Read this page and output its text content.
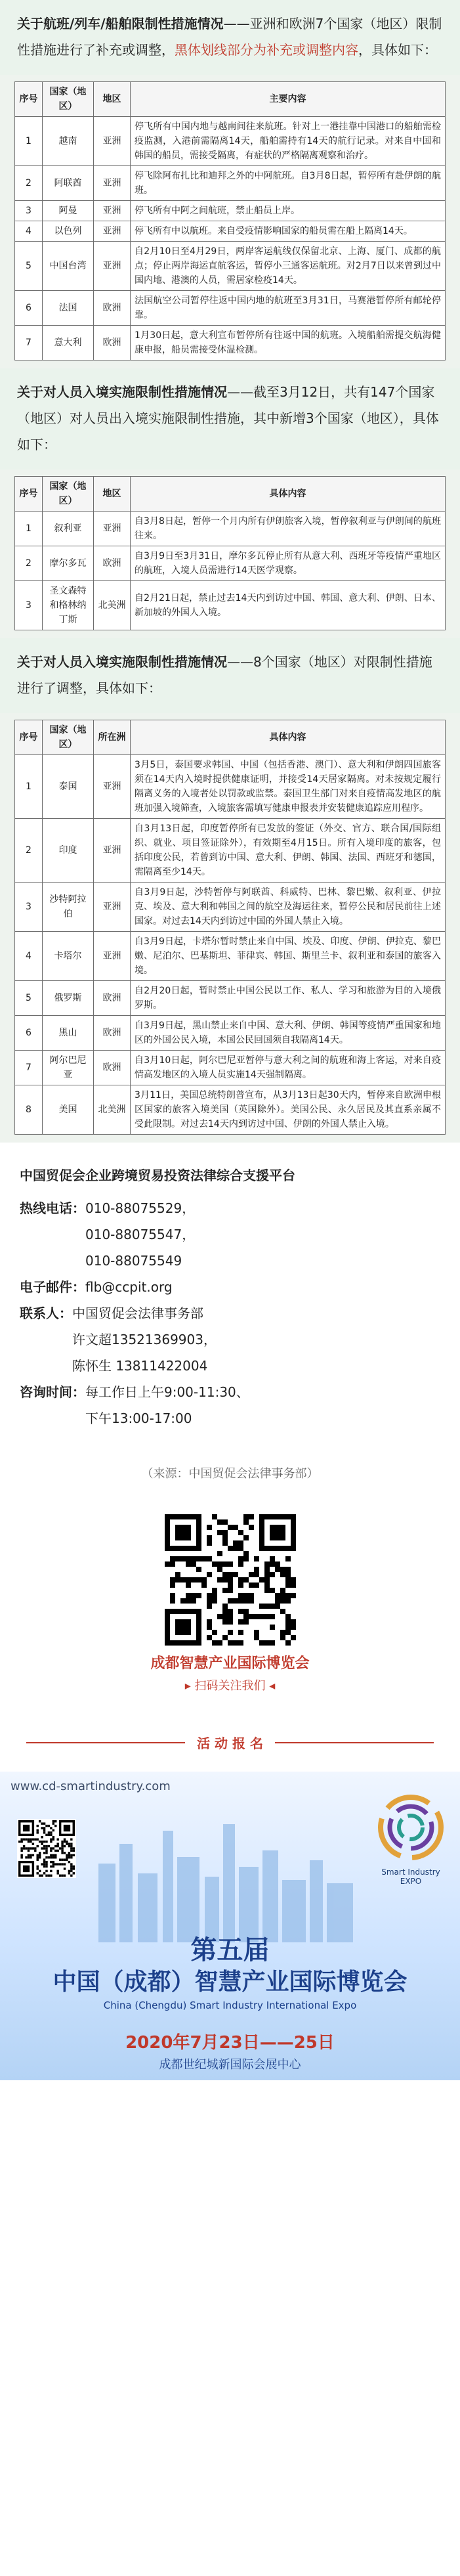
关于航班/列车/船舶限制性措施情况——亚洲和欧洲7个国家（地区）限制性措施进行了补充或调整，黑体划线部分为补充或调整内容，具体如下：
序号	国家（地区）	地区	主要内容
1	越南	亚洲	停飞所有中国内地与越南间往来航班。针对上一港挂靠中国港口的船舶需检疫监测，入港前需隔离14天，船舶需持有14天的航行记录。对来自中国和韩国的船员，需接受隔离，有症状的严格隔离观察和治疗。
2	阿联酋	亚洲	停飞除阿布扎比和迪拜之外的中阿航班。自3月8日起，暂停所有赴伊朗的航班。
3	阿曼	亚洲	停飞所有中阿之间航班，禁止船员上岸。
4	以色列	亚洲	停飞所有中以航班。来自受疫情影响国家的船员需在船上隔离14天。
5	中国台湾	亚洲	自2月10日至4月29日，两岸客运航线仅保留北京、上海、厦门、成都的航点；停止两岸海运直航客运，暂停小三通客运航班。对2月7日以来曾到过中国内地、港澳的人员，需居家检疫14天。
6	法国	欧洲	法国航空公司暂停往返中国内地的航班至3月31日，马赛港暂停所有邮轮停靠。
7	意大利	欧洲	1月30日起，意大利宣布暂停所有往返中国的航班。入境船舶需提交航海健康申报，船员需接受体温检测。
关于对人员入境实施限制性措施情况——截至3月12日，共有147个国家（地区）对人员出入境实施限制性措施，其中新增3个国家（地区），具体如下：
序号	国家（地区）	地区	具体内容
1	叙利亚	亚洲	自3月8日起，暂停一个月内所有伊朗旅客入境，暂停叙利亚与伊朗间的航班往来。
2	摩尔多瓦	欧洲	自3月9日至3月31日，摩尔多瓦停止所有从意大利、西班牙等疫情严重地区的航班，入境人员需进行14天医学观察。
3	圣文森特和格林纳丁斯	北美洲	自2月21日起，禁止过去14天内到访过中国、韩国、意大利、伊朗、日本、新加坡的外国人入境。
关于对人员入境实施限制性措施情况——8个国家（地区）对限制性措施进行了调整，具体如下：
序号	国家（地区）	所在洲	具体内容
1	泰国	亚洲	3月5日，泰国要求韩国、中国（包括香港、澳门）、意大利和伊朗四国旅客须在14天内入境时提供健康证明，并接受14天居家隔离。对未按规定履行隔离义务的入境者处以罚款或监禁。泰国卫生部门对来自疫情高发地区的航班加强入境筛查，入境旅客需填写健康申报表并安装健康追踪应用程序。
2	印度	亚洲	自3月13日起，印度暂停所有已发放的签证（外交、官方、联合国/国际组织、就业、项目签证除外），有效期至4月15日。所有入境印度的旅客，包括印度公民，若曾到访中国、意大利、伊朗、韩国、法国、西班牙和德国，需隔离至少14天。
3	沙特阿拉伯	亚洲	自3月9日起，沙特暂停与阿联酋、科威特、巴林、黎巴嫩、叙利亚、伊拉克、埃及、意大利和韩国之间的航空及海运往来，暂停公民和居民前往上述国家。对过去14天内到访过中国的外国人禁止入境。
4	卡塔尔	亚洲	自3月9日起，卡塔尔暂时禁止来自中国、埃及、印度、伊朗、伊拉克、黎巴嫩、尼泊尔、巴基斯坦、菲律宾、韩国、斯里兰卡、叙利亚和泰国的旅客入境。
5	俄罗斯	欧洲	自2月20日起，暂时禁止中国公民以工作、私人、学习和旅游为目的入境俄罗斯。
6	黑山	欧洲	自3月9日起，黑山禁止来自中国、意大利、伊朗、韩国等疫情严重国家和地区的外国公民入境，本国公民回国须自我隔离14天。
7	阿尔巴尼亚	欧洲	自3月10日起，阿尔巴尼亚暂停与意大利之间的航班和海上客运，对来自疫情高发地区的入境人员实施14天强制隔离。
8	美国	北美洲	3月11日，美国总统特朗普宣布，从3月13日起30天内，暂停来自欧洲申根区国家的旅客入境美国（英国除外）。美国公民、永久居民及其直系亲属不受此限制。对过去14天内到访过中国、伊朗的外国人禁止入境。
中国贸促会企业跨境贸易投资法律综合支援平台
热线电话： 010-88075529，
010-88075547，
010-88075549
电子邮件： flb@ccpit.org
联系人： 中国贸促会法律事务部
许文超13521369903，
陈怀生 13811422004
咨询时间： 每工作日上午9:00-11:30、
下午13:00-17:00
（来源：中国贸促会法律事务部）
成都智慧产业国际博览会
▸ 扫码关注我们 ◂
活 动 报 名
www.cd-smartindustry.com
Smart Industry EXPO
第五届
中国（成都）智慧产业国际博览会
China (Chengdu) Smart Industry International Expo
2020年7月23日——25日
成都世纪城新国际会展中心
